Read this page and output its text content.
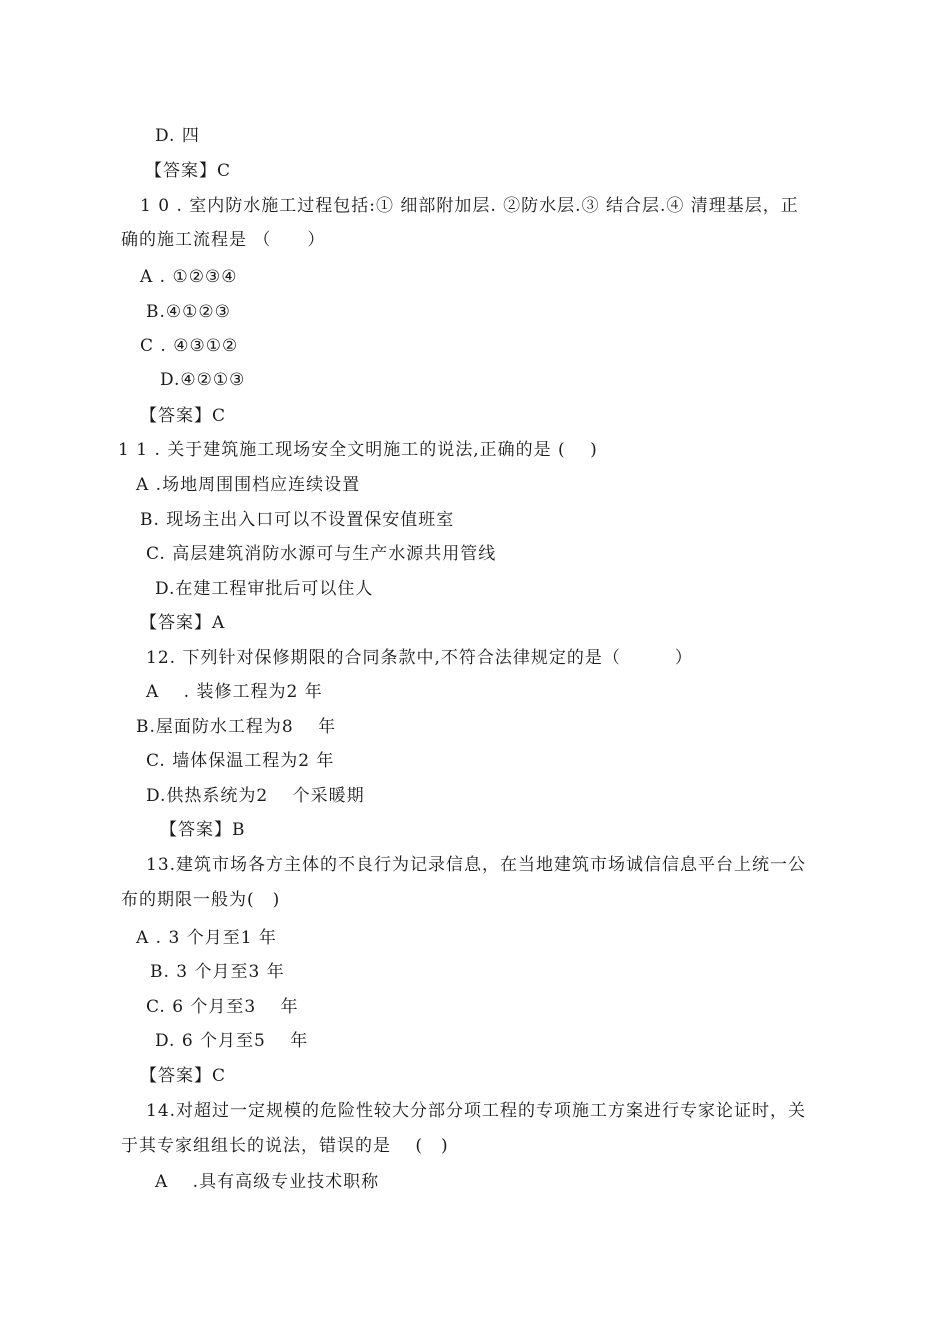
D. 四
【答案】C
1 0 . 室内防水施工过程包括:① 细部附加层. ②防水层.③ 结合层.④ 清理基层，正
确的施工流程是 （　　）
A . ①②③④
B.④①②③
C . ④③①②
D.④②①③
【答案】C
1 1 . 关于建筑施工现场安全文明施工的说法,正确的是 ( 　)
A .场地周围围档应连续设置
B. 现场主出入口可以不设置保安值班室
C. 高层建筑消防水源可与生产水源共用管线
D.在建工程审批后可以住人
【答案】A
12. 下列针对保修期限的合同条款中,不符合法律规定的是（　　　）
A 　. 装修工程为2 年
B.屋面防水工程为8 　年
C. 墙体保温工程为2 年
D.供热系统为2 　个采暖期
【答案】B
13.建筑市场各方主体的不良行为记录信息，在当地建筑市场诚信信息平台上统一公
布的期限一般为(　)
A . 3 个月至1 年
B. 3 个月至3 年
C. 6 个月至3 　年
D. 6 个月至5 　年
【答案】C
14.对超过一定规模的危险性较大分部分项工程的专项施工方案进行专家论证时，关
于其专家组组长的说法，错误的是 　(　)
A 　.具有高级专业技术职称
